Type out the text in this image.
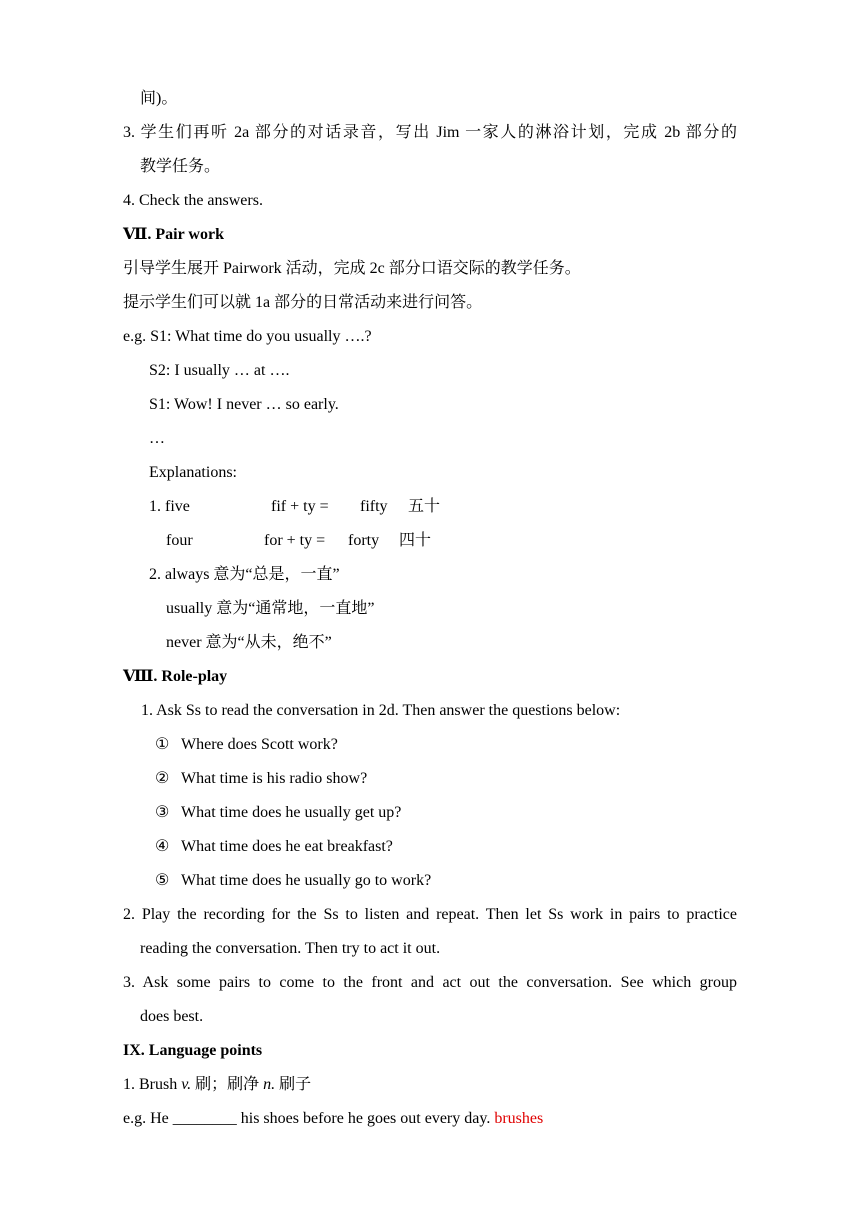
间)。
3. 学生们再听 2a 部分的对话录音，写出 Jim 一家人的淋浴计划，完成 2b 部分的
教学任务。
4. Check the answers.
Ⅶ. Pair work
引导学生展开 Pairwork 活动，完成 2c 部分口语交际的教学任务。
提示学生们可以就 1a 部分的日常活动来进行问答。
e.g. S1: What time do you usually ….?
S2: I usually … at ….
S1: Wow! I never … so early.
…
Explanations:
1. five	fif + ty = fifty 五十
four	for + ty = forty 四十
2. always 意为“总是，一直”
usually 意为“通常地，一直地”
never 意为“从未，绝不”
Ⅷ. Role-play
1. Ask Ss to read the conversation in 2d. Then answer the questions below:
① Where does Scott work?
② What time is his radio show?
③ What time does he usually get up?
④ What time does he eat breakfast?
⑤ What time does he usually go to work?
2. Play the recording for the Ss to listen and repeat. Then let Ss work in pairs to practice
reading the conversation. Then try to act it out.
3. Ask some pairs to come to the front and act out the conversation. See which group
does best.
IX. Language points
1. Brush v. 刷；刷净 n. 刷子
e.g. He ________ his shoes before he goes out every day. brushes
